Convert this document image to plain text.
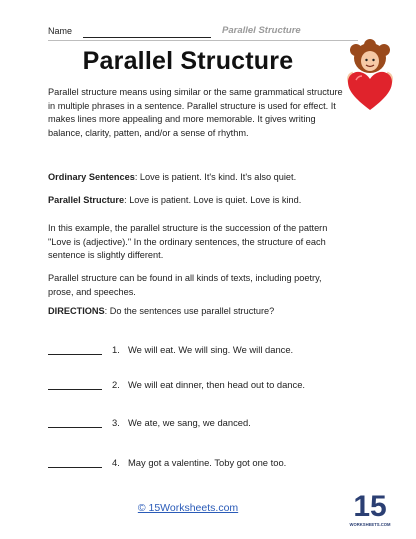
Name	Parallel Structure
Parallel Structure
Parallel structure means using similar or the same grammatical structure in multiple phrases in a sentence. Parallel structure is used for effect. It makes lines more appealing and more memorable. It gives writing balance, clarity, patten, and/or a sense of rhythm.
Ordinary Sentences: Love is patient. It's kind. It's also quiet.
Parallel Structure: Love is patient. Love is quiet. Love is kind.
In this example, the parallel structure is the succession of the pattern "Love is (adjective)." In the ordinary sentences, the structure of each sentence is slightly different.
Parallel structure can be found in all kinds of texts, including poetry, prose, and speeches.
DIRECTIONS: Do the sentences use parallel structure?
1. We will eat. We will sing. We will dance.
2. We will eat dinner, then head out to dance.
3. We ate, we sang, we danced.
4. May got a valentine. Toby got one too.
© 15Worksheets.com	15
WORKSHEETS.COM
